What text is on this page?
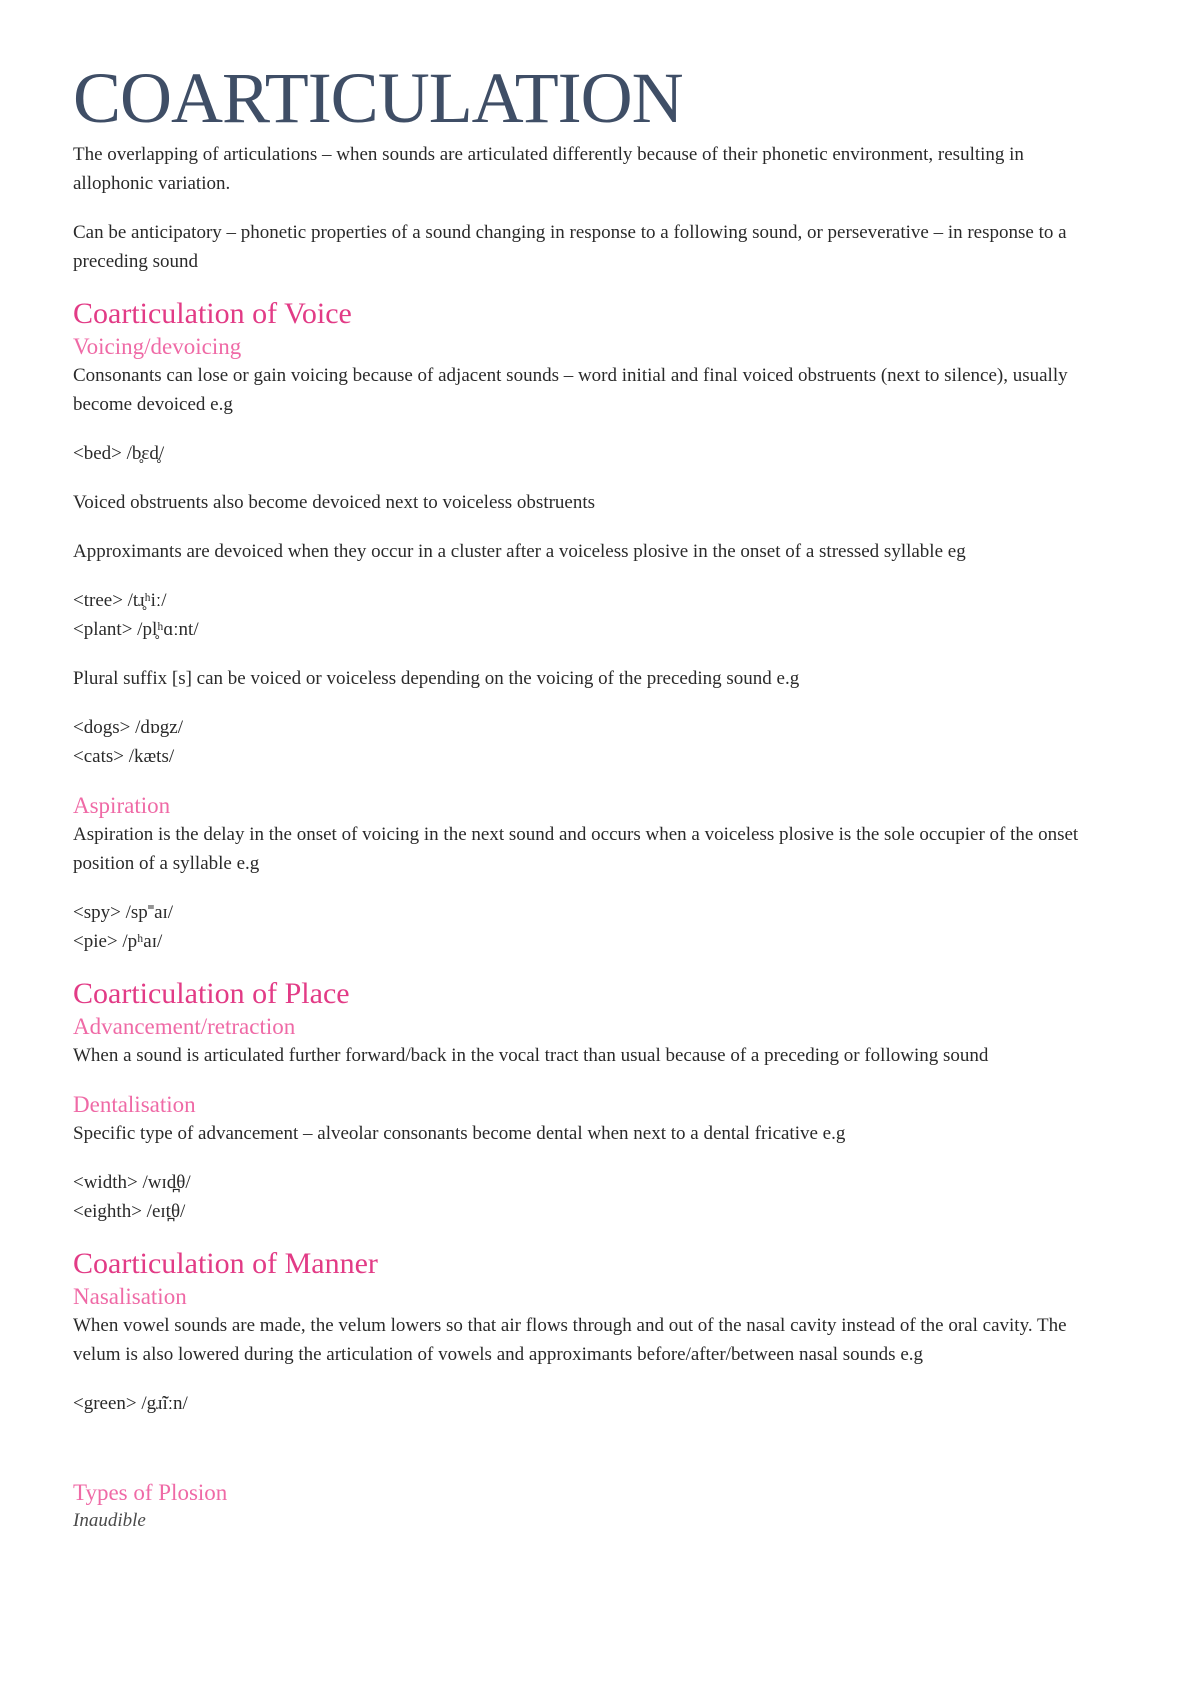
COARTICULATION

The overlapping of articulations – when sounds are articulated differently because of their phonetic environment, resulting in allophonic variation.

Can be anticipatory – phonetic properties of a sound changing in response to a following sound, or perseverative – in response to a preceding sound

Coarticulation of Voice
Voicing/devoicing

Consonants can lose or gain voicing because of adjacent sounds – word initial and final voiced obstruents (next to silence), usually become devoiced e.g

<bed> /b̥ɛd̥/

Voiced obstruents also become devoiced next to voiceless obstruents

Approximants are devoiced when they occur in a cluster after a voiceless plosive in the onset of a stressed syllable eg

<tree> /tɹ̥ʰiː/

<plant> /pl̥ʰɑːnt/

Plural suffix [s] can be voiced or voiceless depending on the voicing of the preceding sound e.g

<dogs> /dɒgz/

<cats> /kæts/

Aspiration

Aspiration is the delay in the onset of voicing in the next sound and occurs when a voiceless plosive is the sole occupier of the onset position of a syllable e.g

<spy> /sp˭aɪ/

<pie> /pʰaɪ/

Coarticulation of Place
Advancement/retraction

When a sound is articulated further forward/back in the vocal tract than usual because of a preceding or following sound

Dentalisation

Specific type of advancement – alveolar consonants become dental when next to a dental fricative e.g

<width> /wɪd̪θ/

<eighth> /eɪt̪θ/

Coarticulation of Manner
Nasalisation

When vowel sounds are made, the velum lowers so that air flows through and out of the nasal cavity instead of the oral cavity. The velum is also lowered during the articulation of vowels and approximants before/after/between nasal sounds e.g

<green> /gɹ̃ĩːn/

Types of Plosion

Inaudible
